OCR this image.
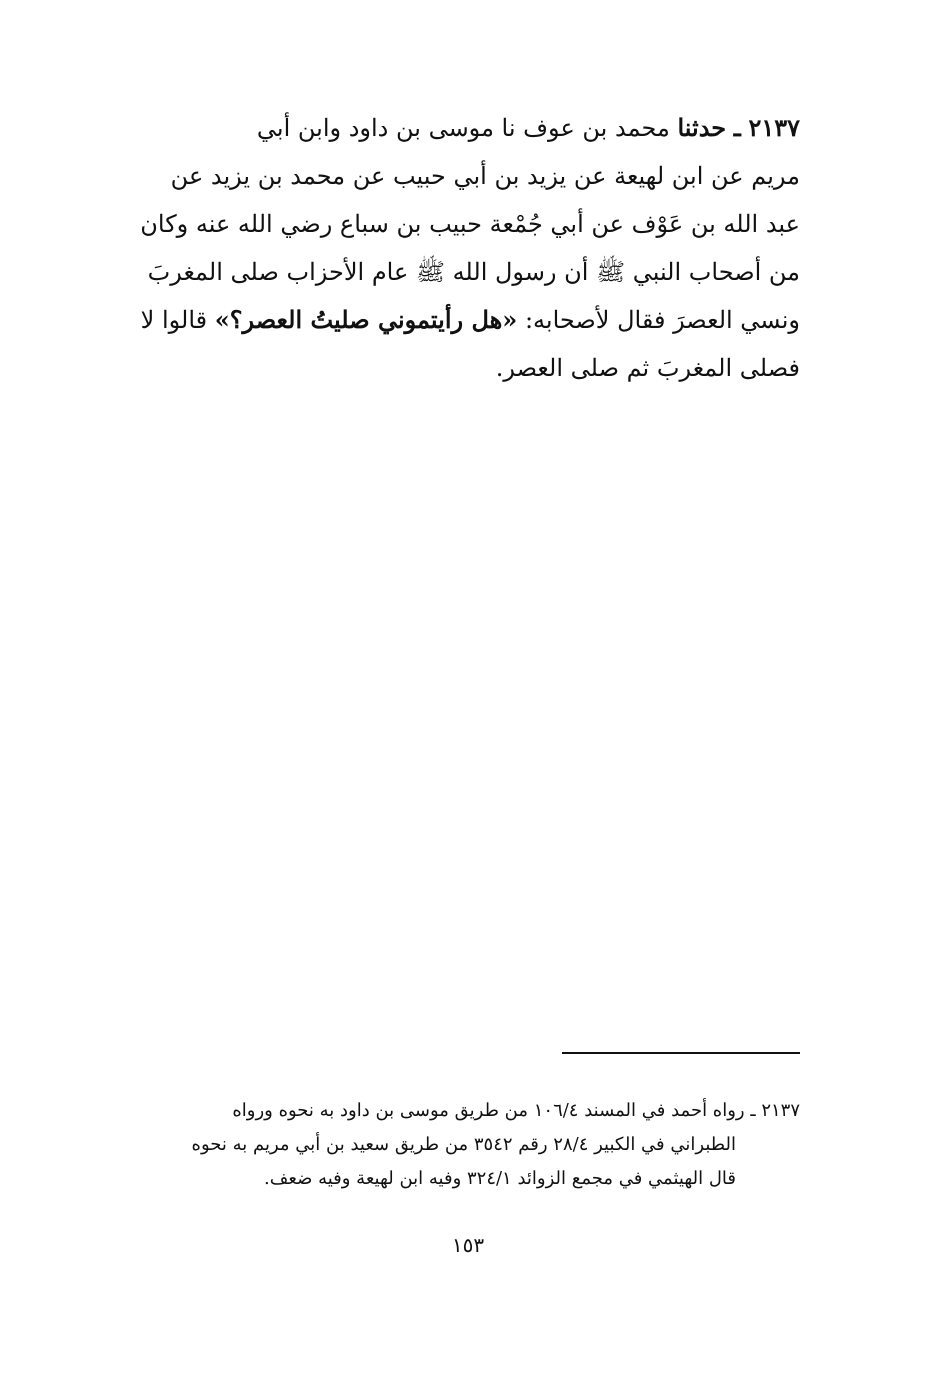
٢١٣٧ ـ حدثنا محمد بن عوف نا موسى بن داود وابن أبي
مريم عن ابن لهيعة عن يزيد بن أبي حبيب عن محمد بن يزيد عن
عبد الله بن عَوْف عن أبي جُمْعة حبيب بن سباع رضي الله عنه وكان
من أصحاب النبي ﷺ أن رسول الله ﷺ عام الأحزاب صلى المغربَ
ونسي العصرَ فقال لأصحابه: «هل رأيتموني صليتُ العصر؟» قالوا لا
فصلى المغربَ ثم صلى العصر.
٢١٣٧ ـ رواه أحمد في المسند ١٠٦/٤ من طريق موسى بن داود به نحوه ورواه
الطبراني في الكبير ٢٨/٤ رقم ٣٥٤٢ من طريق سعيد بن أبي مريم به نحوه
قال الهيثمي في مجمع الزوائد ٣٢٤/١ وفيه ابن لهيعة وفيه ضعف.
١٥٣
